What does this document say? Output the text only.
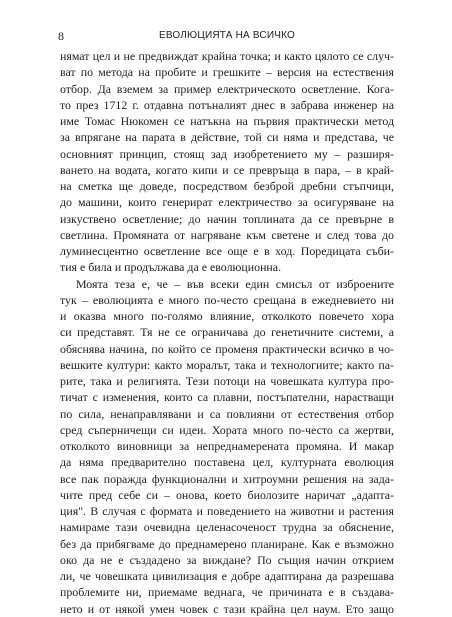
8	ЕВОЛЮЦИЯТА НА ВСИЧКО
нямат цел и не предвиждат крайна точка; и както цялото се случ-
ват по метода на пробите и грешките – версия на естествения
отбор. Да вземем за пример електрическото осветление. Кога-
то през 1712 г. отдавна потъналият днес в забрава инженер на
име Томас Нюкомен се натъкна на първия практически метод
за впрягане на парата в действие, той си няма и представа, че
основният принцип, стоящ зад изобретението му – разширя-
ването на водата, когато кипи и се превръща в пара, – в край-
на сметка ще доведе, посредством безброй дребни стъпчици,
до машини, които генерират електричество за осигуряване на
изкуствено осветление; до начин топлината да се превърне в
светлина. Промяната от нагряване към светене и след това до
луминесцентно осветление все още е в ход. Поредицата съби-
тия е била и продължава да е еволюционна.
Моята теза е, че – във всеки един смисъл от изброените
тук – еволюцията е много по-често срещана в ежедневието ни
и оказва много по-голямо влияние, отколкото повечето хора
си представят. Тя не се ограничава до генетичните системи, а
обяснява начина, по който се променя практически всичко в чо-
вешките култури: както моралът, така и технологиите; както па-
рите, така и религията. Тези потоци на човешката култура про-
тичат с изменения, които са плавни, постъпателни, нарастващи
по сила, ненаправлявани и са повлияни от естествения отбор
сред съперничещи си идеи. Хората много по-често са жертви,
отколкото виновници за непреднамерената промяна. И макар
да няма предварително поставена цел, културната еволюция
все пак поражда функционални и хитроумни решения на зада-
чите пред себе си – онова, което биолозите наричат „адапта-
ция". В случая с формата и поведението на животни и растения
намираме тази очевидна целенасоченост трудна за обяснение,
без да прибягваме до преднамерено планиране. Как е възможно
око да не е създадено за виждане? По същия начин открием
ли, че човешката цивилизация е добре адаптирана да разрешава
проблемите ни, приемаме веднага, че причината е в създава-
нето и от някой умен човек с тази крайна цел наум. Ето защо
